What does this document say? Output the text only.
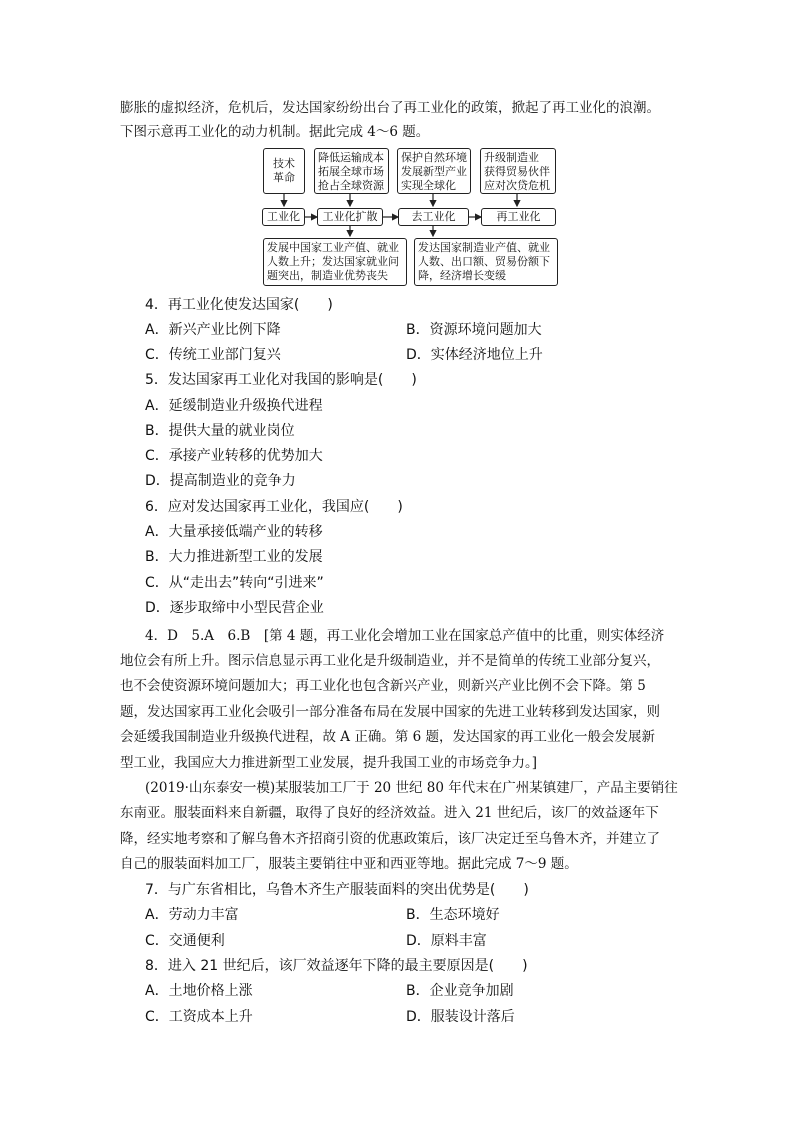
膨胀的虚拟经济，危机后，发达国家纷纷出台了再工业化的政策，掀起了再工业化的浪潮。
下图示意再工业化的动力机制。据此完成 4～6 题。
技术
革命
降低运输成本
拓展全球市场
抢占全球资源
保护自然环境
发展新型产业
实现全球化
升级制造业
获得贸易伙伴
应对次贷危机
工业化	工业化扩散	去工业化	再工业化
发展中国家工业产值、就业
人数上升；发达国家就业问
题突出，制造业优势丧失
发达国家制造业产值、就业
人数、出口额、贸易份额下
降，经济增长变缓
4．再工业化使发达国家(　　)
A．新兴产业比例下降	B．资源环境问题加大
C．传统工业部门复兴	D．实体经济地位上升
5．发达国家再工业化对我国的影响是(　　)
A．延缓制造业升级换代进程
B．提供大量的就业岗位
C．承接产业转移的优势加大
D．提高制造业的竞争力
6．应对发达国家再工业化，我国应(　　)
A．大量承接低端产业的转移
B．大力推进新型工业的发展
C．从“走出去”转向“引进来”
D．逐步取缔中小型民营企业
4．D　5.A　6.B　[第 4 题，再工业化会增加工业在国家总产值中的比重，则实体经济
地位会有所上升。图示信息显示再工业化是升级制造业，并不是简单的传统工业部分复兴，
也不会使资源环境问题加大；再工业化也包含新兴产业，则新兴产业比例不会下降。第 5
题，发达国家再工业化会吸引一部分准备布局在发展中国家的先进工业转移到发达国家，则
会延缓我国制造业升级换代进程，故 A 正确。第 6 题，发达国家的再工业化一般会发展新
型工业，我国应大力推进新型工业发展，提升我国工业的市场竞争力。]
(2019·山东泰安一模)某服装加工厂于 20 世纪 80 年代末在广州某镇建厂，产品主要销往
东南亚。服装面料来自新疆，取得了良好的经济效益。进入 21 世纪后，该厂的效益逐年下
降，经实地考察和了解乌鲁木齐招商引资的优惠政策后，该厂决定迁至乌鲁木齐，并建立了
自己的服装面料加工厂，服装主要销往中亚和西亚等地。据此完成 7～9 题。
7．与广东省相比，乌鲁木齐生产服装面料的突出优势是(　　)
A．劳动力丰富	B．生态环境好
C．交通便利	D．原料丰富
8．进入 21 世纪后，该厂效益逐年下降的最主要原因是(　　)
A．土地价格上涨	B．企业竞争加剧
C．工资成本上升	D．服装设计落后
